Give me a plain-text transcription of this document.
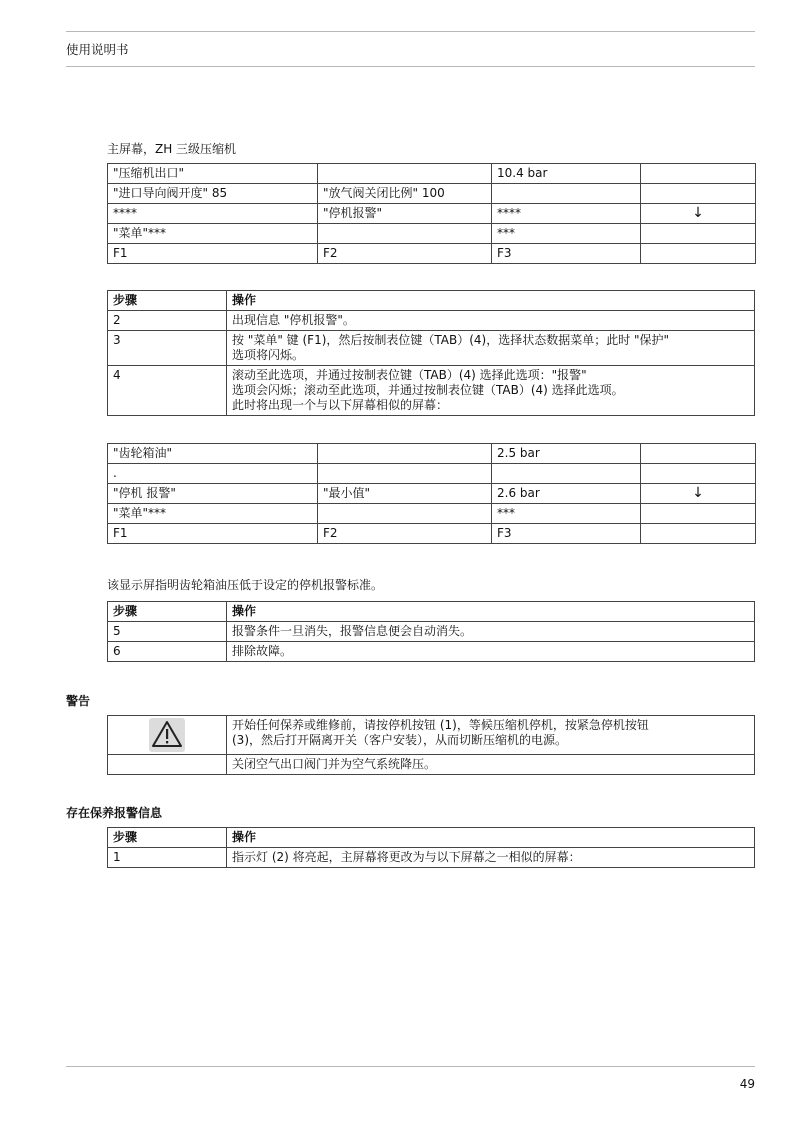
使用说明书
主屏幕，ZH 三级压缩机
"压缩机出口"		10.4 bar	
"进口导向阀开度" 85	"放气阀关闭比例" 100		
****	"停机报警"	****	↓
"菜单"***		***	
F1	F2	F3	
步骤	操作
2	出现信息 "停机报警"。
3	按 "菜单" 键 (F1)，然后按制表位键（TAB）(4)，选择状态数据菜单；此时 "保护"
选项将闪烁。
4	滚动至此选项，并通过按制表位键（TAB）(4) 选择此选项："报警"
选项会闪烁；滚动至此选项，并通过按制表位键（TAB）(4) 选择此选项。
此时将出现一个与以下屏幕相似的屏幕：
"齿轮箱油"		2.5 bar	
.			
"停机 报警"	"最小值"	2.6 bar	↓
"菜单"***		***	
F1	F2	F3	
该显示屏指明齿轮箱油压低于设定的停机报警标准。
步骤	操作
5	报警条件一旦消失，报警信息便会自动消失。
6	排除故障。
警告
	开始任何保养或维修前，请按停机按钮 (1)，等候压缩机停机，按紧急停机按钮
(3)，然后打开隔离开关（客户安装），从而切断压缩机的电源。
	关闭空气出口阀门并为空气系统降压。
存在保养报警信息
步骤	操作
1	指示灯 (2) 将亮起，主屏幕将更改为与以下屏幕之一相似的屏幕：
49
